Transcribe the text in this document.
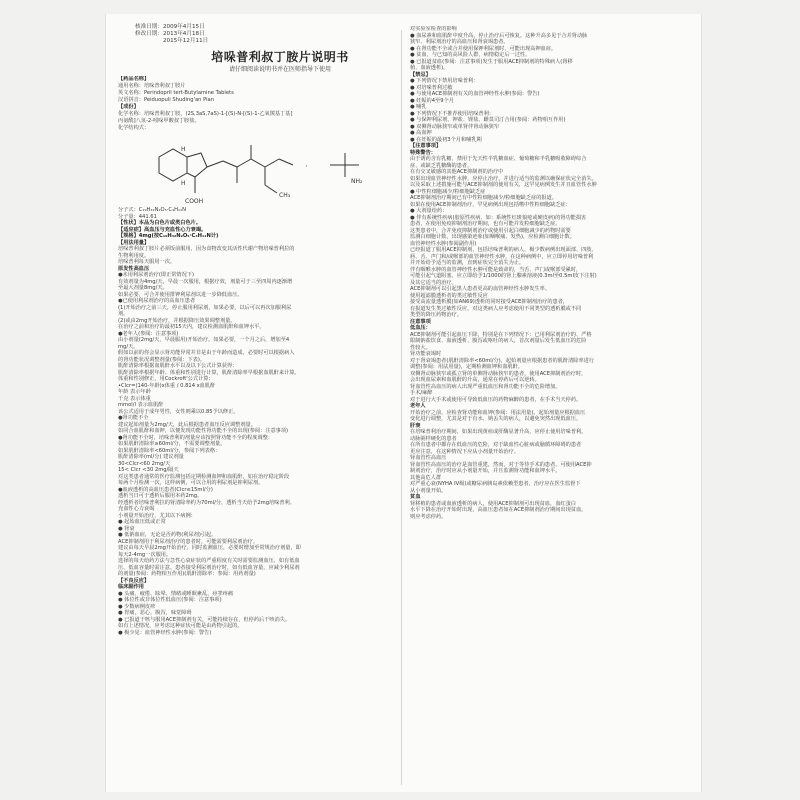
核准日期：2009年4月15日
修改日期：2013年4月18日
　　　　　2015年12月11日
培哚普利叔丁胺片说明书
请仔细阅读说明书并在医师指导下使用
【药品名称】
通用名称：培哚普利叔丁胺片
英文名称：Perindopril tert-Butylamine Tablets
汉语拼音：Peiduopuli Shuding'an Pian
【成份】
化学名称：培哚普利叔丁胺，(2S,3aS,7aS)-1-[(S)-N-[(S)-1-乙氧羰基丁基]
丙氨酰]八氢-2-吲哚甲酸叔丁胺盐。
化学结构式：
H
H
CH₃
COOH
·
NH₂
分子式：C₁₉H₃₂N₂O₅·C₄H₁₁N
分子量：441.61
【性状】本品为白色片或类白色片。
【适应症】高血压与充血性心力衰竭。
【规格】4mg(按C₁₉H₃₂N₂O₅·C₄H₁₁N计)
【用法用量】
培哚普利叔丁胺片必须饭前服用，因为食物改变其活性代谢产物培哚普利拉的
生物利用度。
培哚普利每天服用一次。
原发性高血压
●未用利尿剂治疗(即正常情况下)
有效剂量为4mg/天，早晨一次服用，根据疗效，剂量可于三至四周内逐渐增
至最大剂量8mg/天。
如果必要，可合并使用排钾利尿剂以进一步降低血压。
●已使用利尿剂治疗的高血压患者
(1)开始治疗之前三天，停止服用利尿剂，如果必要，以后可以再次加服利尿
剂。
(2)或由2mg开始治疗，并根据降压效果调整剂量。
在治疗之前和治疗的最初15天内，建议检测血肌酐和血钾水平。
●老年人(参阅：注意事项)
由小剂量(2mg/天，早晨服用)开始治疗，如果必要，一个月之后，增加至4
mg/天。
假如以前的你会显示肾功能异常并非是由于年龄而造成，必要时可以根据病人
的肾功能状况调整剂量(参阅：下表)。
肌酐清除率根据血肌酐水平以及以下公式计算获得：
肌酐清除率根据年龄、体重和性别进行计算，肌酐清除率早根据血肌酐来计算。
体重和性别修正，用Cockroft'公式计算：
•Clcr=(140-年龄)x体重 / 0.814 x血肌酐
年龄 表示年龄
千克 表示体重
mmol/l 表示血肌酐
该公式适用于成年男性，女性则乘以0.85予以修正。
●肾功能不全
建议起始剂量为2mg/天，此后根据患者血压反应调整剂量。
如同合血肌酐和血钾，以便发现功能性肾功能不全的出现(参阅：注意事项)
●肾功能不全时，培哚普利的剂量应该按照肾功能不全的程度调整：
如果肌酐清除率≥60ml/分，不需要调整剂量。
如果肌酐清除率<60ml/分，参阅下列表格：
肌酐清除率(ml/分) 建议剂量
30<Clcr<60 2mg/天
15< Clcr <30 2mg/隔天
对这类患者通常的医疗监测包括定期检测血钾和血肌酐，如在治疗稳定阶段
每两个月检测一次，这样病例，可以合用的利尿剂是抑利尿剂。
●血液透析的高血压患者(Clcr≤15ml/分)
透析当日可于透析后服用本药2mg。
经透析者培哚普利拉的肾清除率约为70ml/分，透析当天给予2mg培哚普利。
充血性心力衰竭
小剂量开始治疗，尤其以下病例：
● 起始血压低或正常
● 肾衰
● 低钠血症，无论是否药物(利尿剂)引起。
ACE抑制剂用于利尿剂治疗的患者时，可能需要利尿剂治疗。
建议由每天早晨2mg开始治疗，同时监测血压，必要时增加至常规治疗剂量，即
每天2-4mg一次服用。
选择的每天给药方法与急性心衰症状的严重程度有关时需要监测血压，如有低血
压、低血容量时需注意。患者接受利尿剂治疗时，如有低血容量，应减少利尿剂
的剂量(参阅：药物相互作用)(肌酐清除率：参阅：用药剂量)
【不良反应】
临床副作用
● 头痛、疲倦、眩晕、情绪或睡眠紊乱、痉挛疼痛
● 体位性或非体位性低血压(参阅：注意事项)
● 少数病例皮疹
● 胃痛，恶心，腹泻，味觉障碍
● 已报道干咳与服用ACE抑制剂有关，可能持续存在，但停药后干咳消失。
如有上述情况，应考虑这种症状可能是由药物引起的。
● 极少见：血管神经性水肿(参阅：警告)
对实验室检查的影响
● 血尿素和血肌酐中度升高，停止治疗后可恢复。这种升高多见于合并肾动脉
狭窄、利尿剂治疗的高血压和肾衰竭患者。
● 在肾功能不全或合并使用保钾利尿剂时，可能出现高钾血症。
● 贫血，与已知的高风险人群，病情稳定后一过性。
● 已报道贫血(参阅：注意事项)发生于服用ACE抑制剂的特殊病人(肾移
植、血液透析)。
【禁忌】
● 下列情况下禁用培哚普利：
● 对培哚普利过敏
● 与使用ACE抑制剂有关的血管神经性水肿(参阅：警告)
● 妊娠的4至9个月
● 哺乳
● 下列情况下不推荐使用培哚普利：
● 与保钾利尿剂、钾盐、锂盐、雌莫司汀合用(参阅：药物相互作用)
● 双侧肾动脉狭窄或单肾伴肾动脉狭窄
● 高血钾
● 在妊娠的最初3个月和哺乳期
【注意事项】
特殊警告：
由于诱药含有乳糖，禁用于先天性半乳糖血症、葡萄糖和半乳糖吸收障碍综合
症、或缺乏乳糖酶的患者。
在有交叉敏感的其他ACE抑制剂的治疗中
如果出现血管神经性水肿，应停止治疗，并进行适当的监测以确保症状完全消失。
以及采取上述措施可能与ACE抑制剂的使用有关，这罕见病例发生并且血管性水肿
● 中性粒细胞减少/粒细胞缺乏症
ACE抑制剂治疗期间已有中性粒细胞减少/粒细胞缺乏症的报道。
如果在使用ACE抑制剂治疗，罕见病例出现包括嗜中性粒细胞缺乏症：
● 大剂量给药：
● 伴有系统性疾病(胶原性疾病、如：系统性红斑狼疮或硬皮病)的肾功能损害
患者，在使用免疫抑制剂治疗期间，也有可能并发粒细胞缺乏症。
这类患者中，合并免疫抑制剂治疗或使用引起白细胞减少的药物时需要
监测白细胞计数，出现感染迹象(如咽喉痛、发热)，应检测白细胞计数。
血管神经性水肿(参阅副作用)
已经报道了服用ACE抑制剂，包括培哚普利的病人，极少数病例出现面部、四肢、
唇、舌、声门和/或喉部的血管神经性水肿，在这种病例中，应立即停用培哚普利
并开始给予适当的监测，直到症状完全消失为止。
伴有咽喉水肿的血管神经性水肿可能是致命的，当舌、声门或喉部受累时，
可能引起气道阻塞，应立即给予1/1000的肾上腺素溶液(0.3ml至0.5ml皮下注射)
及其它适当的治疗。
ACE抑制剂可以引起黑人患者更高的血管神经性水肿发生率。
使用超滤膜透析者的类过敏性反应
接受高流量透析膜(如AN69)透析的同时接受ACE抑制剂治疗的患者，
有报道发生类过敏性反应，对这类病人应考虑使用不同类型的透析膜或不同
类型的降压药物治疗。
注意事项
低血压：
ACE抑制剂可能引起血压下降，特别是在下列情况下：已用利尿剂治疗的、严格
限制钠盐饮食、血液透析、腹泻或呕吐的病人，首次剂量后发生低血压的危险
性较大。
肾功能衰竭时
对于肾衰竭患者(肌酐清除率<60ml/分)，起始剂量应根据患者的肌酐清除率进行
调整(参阅：用法用量)，定期检测血钾和血肌酐。
双侧肾动脉狭窄或孤立肾的单侧肾动脉狭窄的患者，使用ACE抑制剂治疗时，
会出现血尿素和血肌酐的升高，通常在停药后可以逆转。
肾血管性高血压的病人出现严重低血压和肾功能不全的危险增加。
手术/麻醉
对于进行大手术或使用可导致低血压的药物麻醉的患者，在手术当天停药。
老年人
开始治疗之前，应检查肾功能和血钾(参阅：用法用量)。起始剂量应根据血压
变化进行调整，尤其是对于有水、钠丢失的病人，以避免突然出现低血压。
肝衰
在培哚普利治疗期间，如果出现黄疸或肝酶显著升高，应停止使用培哚普利。
动脉粥样硬化的患者
在所有患者中都存在低血压的危险，对于缺血性心脏病或脑循环障碍的患者
更应注意，在这种情况下应从小剂量开始治疗。
肾血管性高血压
肾血管性高血压的治疗是血管重建，然而，对于等待手术的患者，可使用ACE抑
制剂治疗，治疗时应从小剂量开始，并且监测肾功能和血钾水平。
其他高危人群
对严重心衰(NYHA IV级)或糖尿病胰岛素依赖型患者，治疗应在医生监督下
从小剂量开始。
贫血
肾移植的患者或血液透析的病人，使用ACE抑制剂可出现贫血，血红蛋白
水平下降在治疗开始时出现，高血压患者如在ACE抑制剂治疗期间出现贫血，
则应考虑停药。
